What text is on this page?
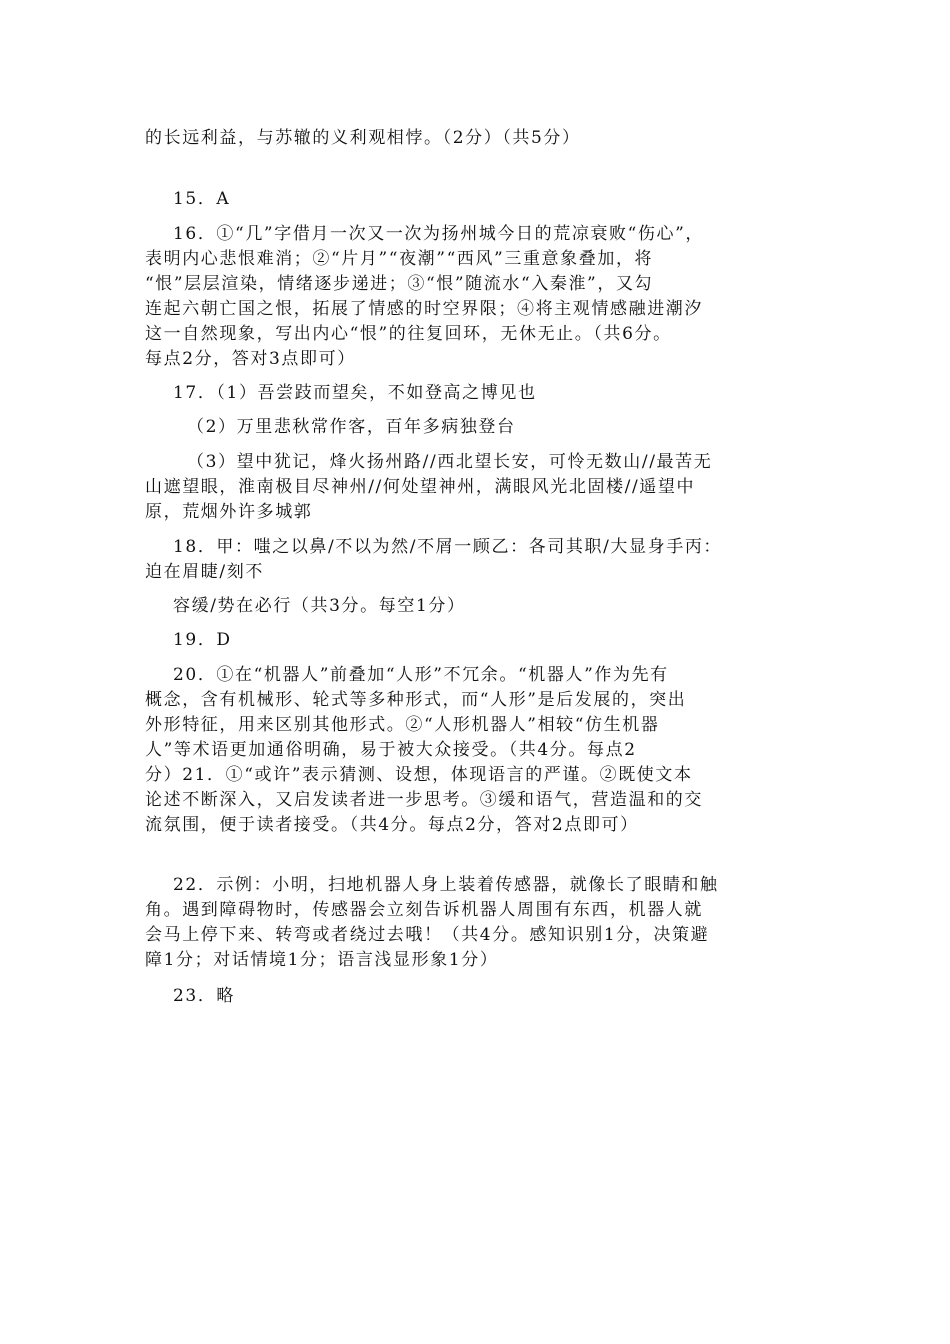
的长远利益，与苏辙的义利观相悖。（2分）（共5分）
15．A
16．①“几”字借月一次又一次为扬州城今日的荒凉衰败“伤心”，
表明内心悲恨难消；②“片月”“夜潮”“西风”三重意象叠加，将
“恨”层层渲染，情绪逐步递进；③“恨”随流水“入秦淮”，又勾
连起六朝亡国之恨，拓展了情感的时空界限；④将主观情感融进潮汐
这一自然现象，写出内心“恨”的往复回环，无休无止。（共6分。
每点2分，答对3点即可）
17．（1）吾尝跂而望矣，不如登高之博见也
（2）万里悲秋常作客，百年多病独登台
（3）望中犹记，烽火扬州路//西北望长安，可怜无数山//最苦无
山遮望眼，淮南极目尽神州//何处望神州，满眼风光北固楼//遥望中
原，荒烟外许多城郭
18．甲：嗤之以鼻/不以为然/不屑一顾乙：各司其职/大显身手丙：
迫在眉睫/刻不
容缓/势在必行（共3分。每空1分）
19．D
20．①在“机器人”前叠加“人形”不冗余。“机器人”作为先有
概念，含有机械形、轮式等多种形式，而“人形”是后发展的，突出
外形特征，用来区别其他形式。②“人形机器人”相较“仿生机器
人”等术语更加通俗明确，易于被大众接受。（共4分。每点2
分）21．①“或许”表示猜测、设想，体现语言的严谨。②既使文本
论述不断深入，又启发读者进一步思考。③缓和语气，营造温和的交
流氛围，便于读者接受。（共4分。每点2分，答对2点即可）
22．示例：小明，扫地机器人身上装着传感器，就像长了眼睛和触
角。遇到障碍物时，传感器会立刻告诉机器人周围有东西，机器人就
会马上停下来、转弯或者绕过去哦！（共4分。感知识别1分，决策避
障1分；对话情境1分；语言浅显形象1分）
23．略
